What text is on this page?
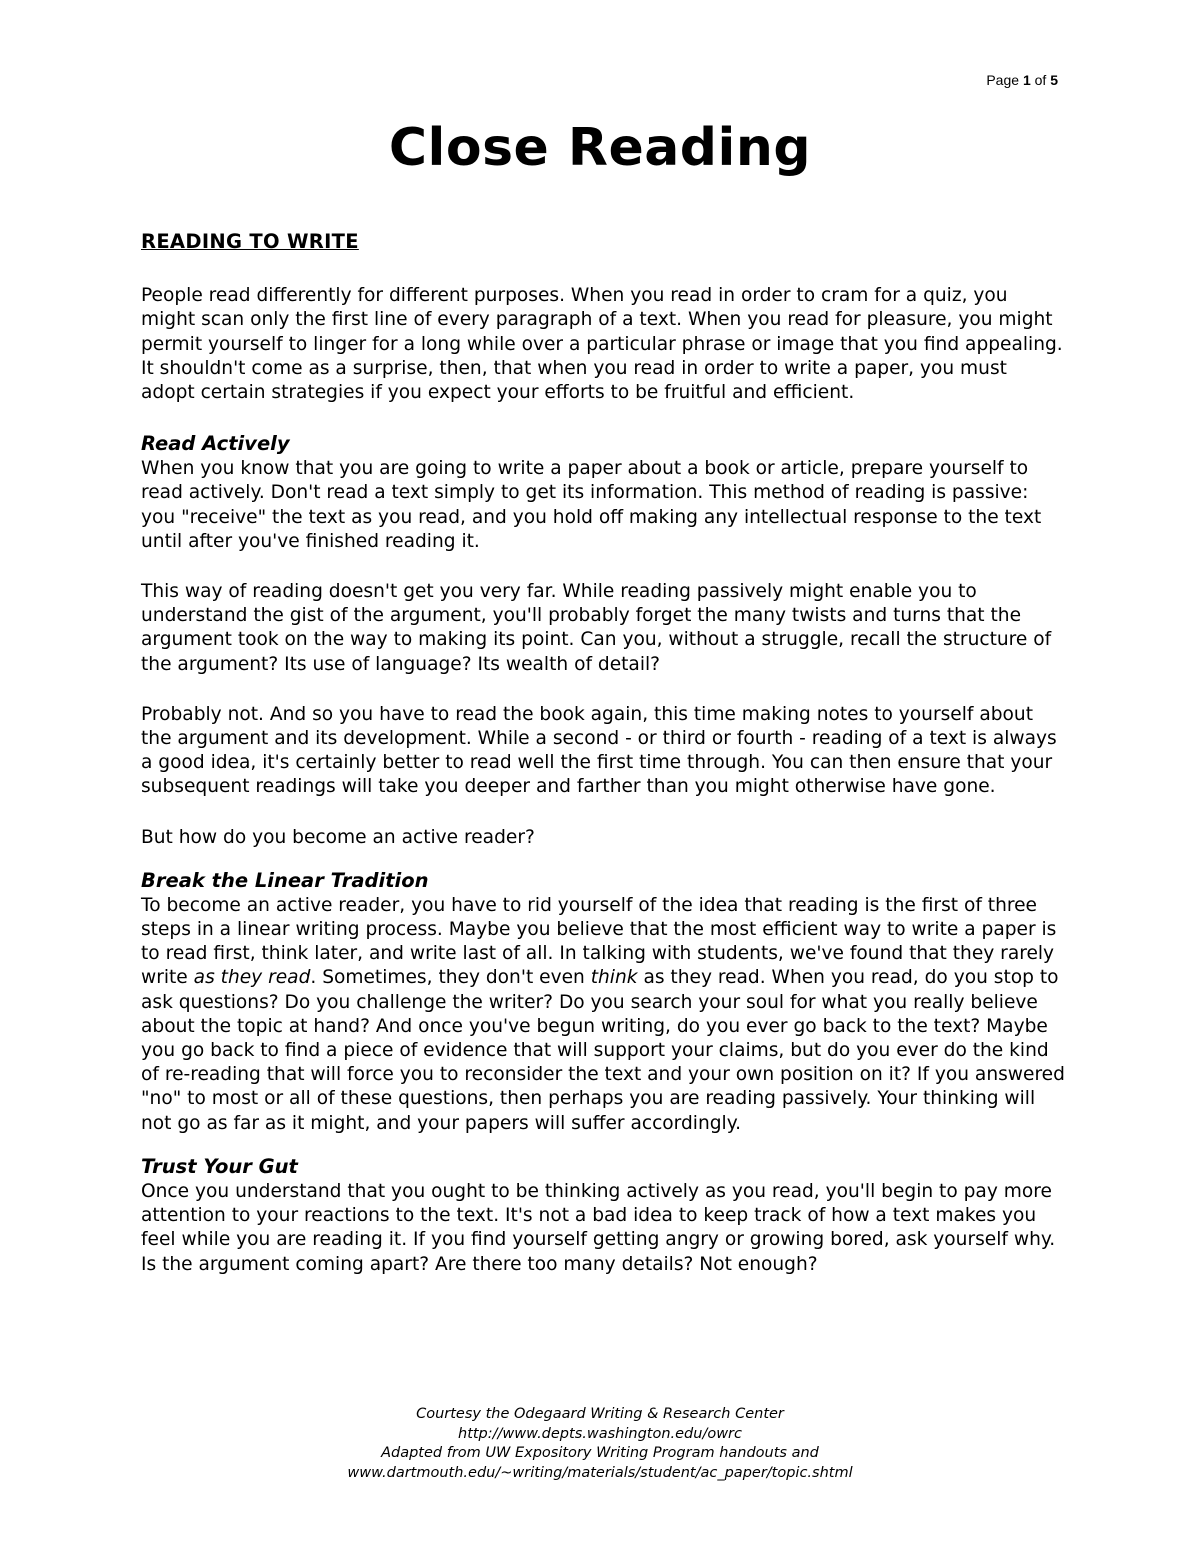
Page 1 of 5
Close Reading
READING TO WRITE

People read differently for different purposes. When you read in order to cram for a quiz, you might scan only the first line of every paragraph of a text. When you read for pleasure, you might permit yourself to linger for a long while over a particular phrase or image that you find appealing. It shouldn't come as a surprise, then, that when you read in order to write a paper, you must adopt certain strategies if you expect your efforts to be fruitful and efficient.

Read Actively

When you know that you are going to write a paper about a book or article, prepare yourself to read actively. Don't read a text simply to get its information. This method of reading is passive: you "receive" the text as you read, and you hold off making any intellectual response to the text until after you've finished reading it.

This way of reading doesn't get you very far. While reading passively might enable you to understand the gist of the argument, you'll probably forget the many twists and turns that the argument took on the way to making its point. Can you, without a struggle, recall the structure of the argument? Its use of language? Its wealth of detail?

Probably not. And so you have to read the book again, this time making notes to yourself about the argument and its development. While a second - or third or fourth - reading of a text is always a good idea, it's certainly better to read well the first time through. You can then ensure that your subsequent readings will take you deeper and farther than you might otherwise have gone.

But how do you become an active reader?

Break the Linear Tradition

To become an active reader, you have to rid yourself of the idea that reading is the first of three steps in a linear writing process. Maybe you believe that the most efficient way to write a paper is to read first, think later, and write last of all. In talking with students, we've found that they rarely write as they read. Sometimes, they don't even think as they read. When you read, do you stop to ask questions? Do you challenge the writer? Do you search your soul for what you really believe about the topic at hand? And once you've begun writing, do you ever go back to the text? Maybe you go back to find a piece of evidence that will support your claims, but do you ever do the kind of re-reading that will force you to reconsider the text and your own position on it? If you answered "no" to most or all of these questions, then perhaps you are reading passively. Your thinking will not go as far as it might, and your papers will suffer accordingly.

Trust Your Gut

Once you understand that you ought to be thinking actively as you read, you'll begin to pay more attention to your reactions to the text. It's not a bad idea to keep track of how a text makes you feel while you are reading it. If you find yourself getting angry or growing bored, ask yourself why. Is the argument coming apart? Are there too many details? Not enough?

Courtesy the Odegaard Writing & Research Center
http://www.depts.washington.edu/owrc
Adapted from UW Expository Writing Program handouts and
www.dartmouth.edu/~writing/materials/student/ac_paper/topic.shtml
